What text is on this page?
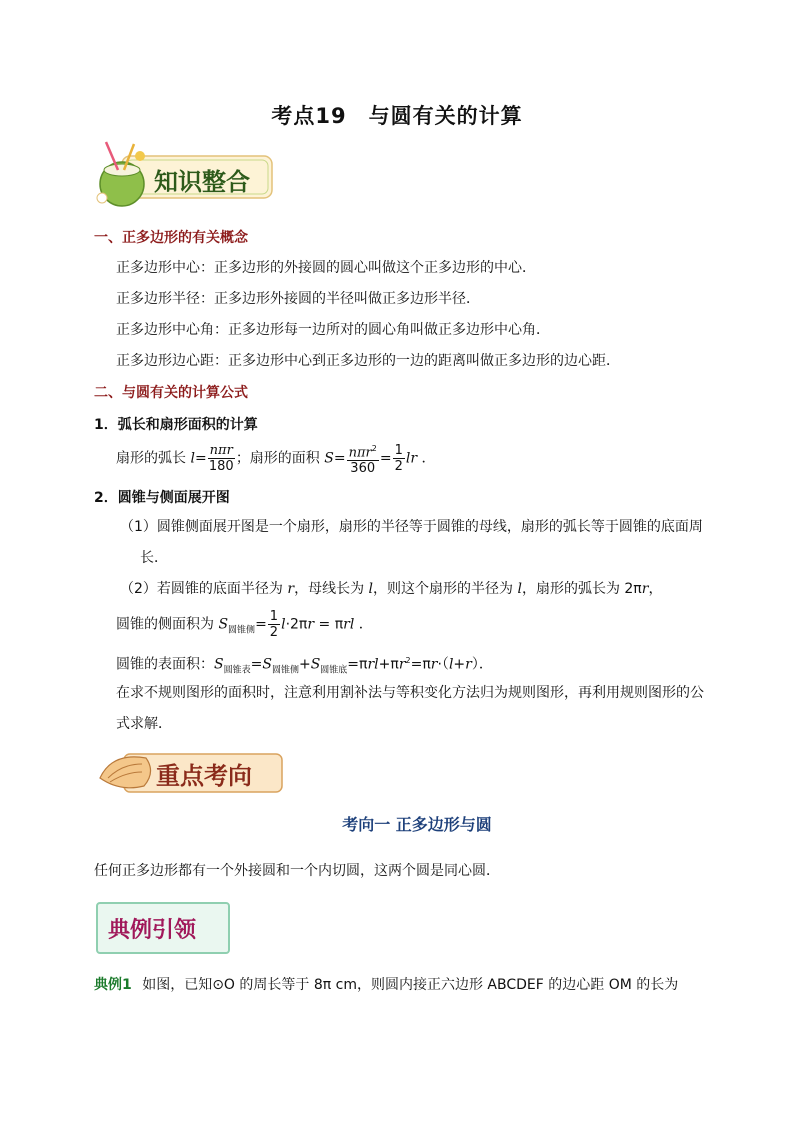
考点19　与圆有关的计算
知识整合
一、正多边形的有关概念
正多边形中心：正多边形的外接圆的圆心叫做这个正多边形的中心．
正多边形半径：正多边形外接圆的半径叫做正多边形半径．
正多边形中心角：正多边形每一边所对的圆心角叫做正多边形中心角．
正多边形边心距：正多边形中心到正多边形的一边的距离叫做正多边形的边心距．
二、与圆有关的计算公式
1．弧长和扇形面积的计算
扇形的弧长 $l= \frac{\text{nπr}}{180}$ ；扇形的面积 $S= \frac{n\pi r^2}{360} = \frac{1}{2}$ lr ．
2．圆锥与侧面展开图
（1）圆锥侧面展开图是一个扇形，扇形的半径等于圆锥的母线，扇形的弧长等于圆锥的底面周
长．
（2）若圆锥的底面半径为 r，母线长为 l，则这个扇形的半径为 l，扇形的弧长为 2πr，
圆锥的侧面积为 $S_{圆锥侧}= \frac{1}{2} l\cdot 2\pi r = \pi rl$ ．
圆锥的表面积：$S_{圆锥表}=S_{圆锥侧}+S_{圆锥底}=\pi rl+\pi r^2=\pi r\cdot(l+r)$．
在求不规则图形的面积时，注意利用割补法与等积变化方法归为规则图形，再利用规则图形的公
式求解．
重点考向
考向一 正多边形与圆
任何正多边形都有一个外接圆和一个内切圆，这两个圆是同心圆．
典例引领
典例1 如图，已知⊙O 的周长等于 8π cm，则圆内接正六边形 ABCDEF 的边心距 OM 的长为
